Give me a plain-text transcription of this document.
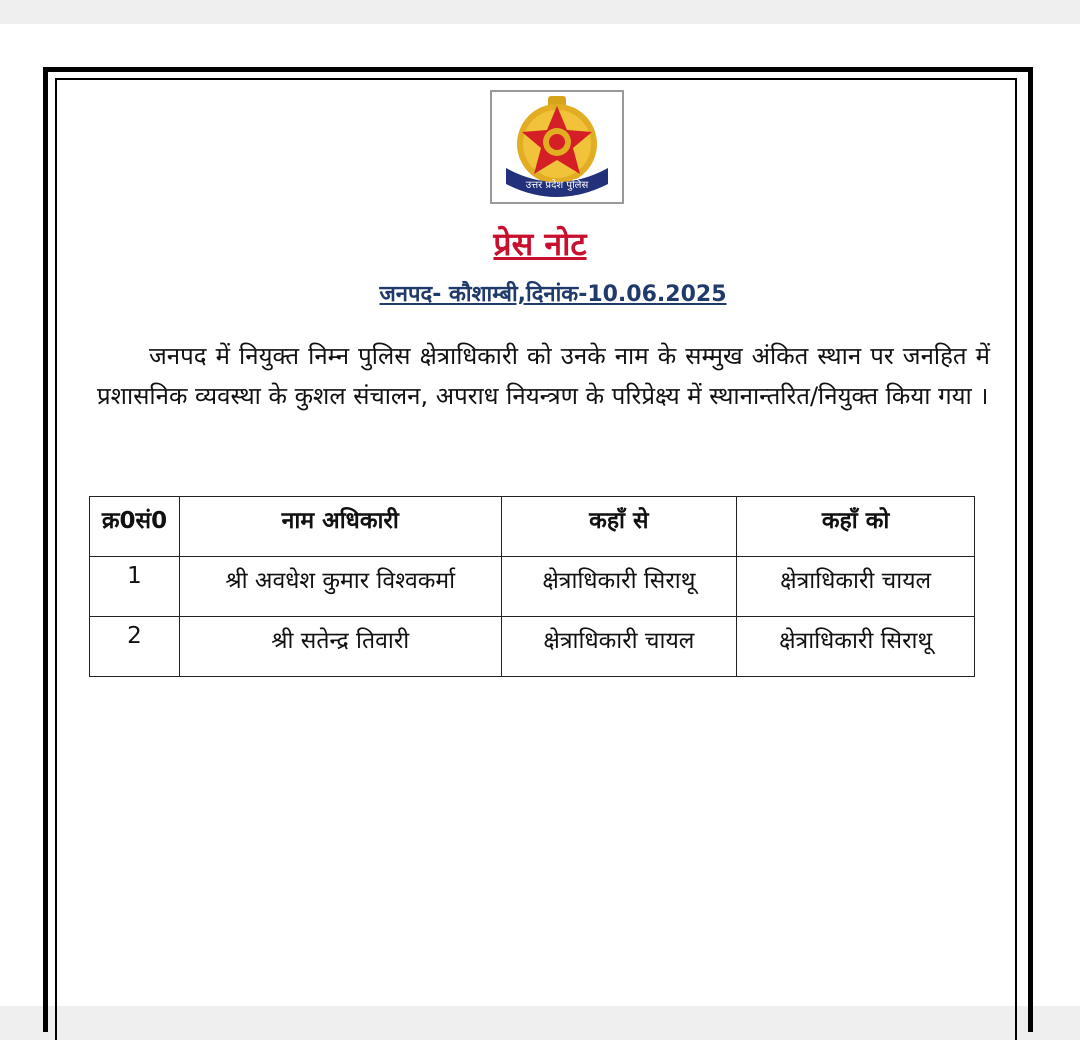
उत्तर प्रदेश पुलिस
प्रेस नोट
जनपद- कौशाम्बी,दिनांक-10.06.2025

जनपद में नियुक्त निम्न पुलिस क्षेत्राधिकारी को उनके नाम के सम्मुख अंकित स्थान पर जनहित में प्रशासनिक व्यवस्था के कुशल संचालन, अपराध नियन्त्रण के परिप्रेक्ष्य में स्थानान्तरित/नियुक्त किया गया ।

क्र0सं0	नाम अधिकारी	कहाँ से	कहाँ को
1	श्री अवधेश कुमार विश्वकर्मा	क्षेत्राधिकारी सिराथू	क्षेत्राधिकारी चायल
2	श्री सतेन्द्र तिवारी	क्षेत्राधिकारी चायल	क्षेत्राधिकारी सिराथू
